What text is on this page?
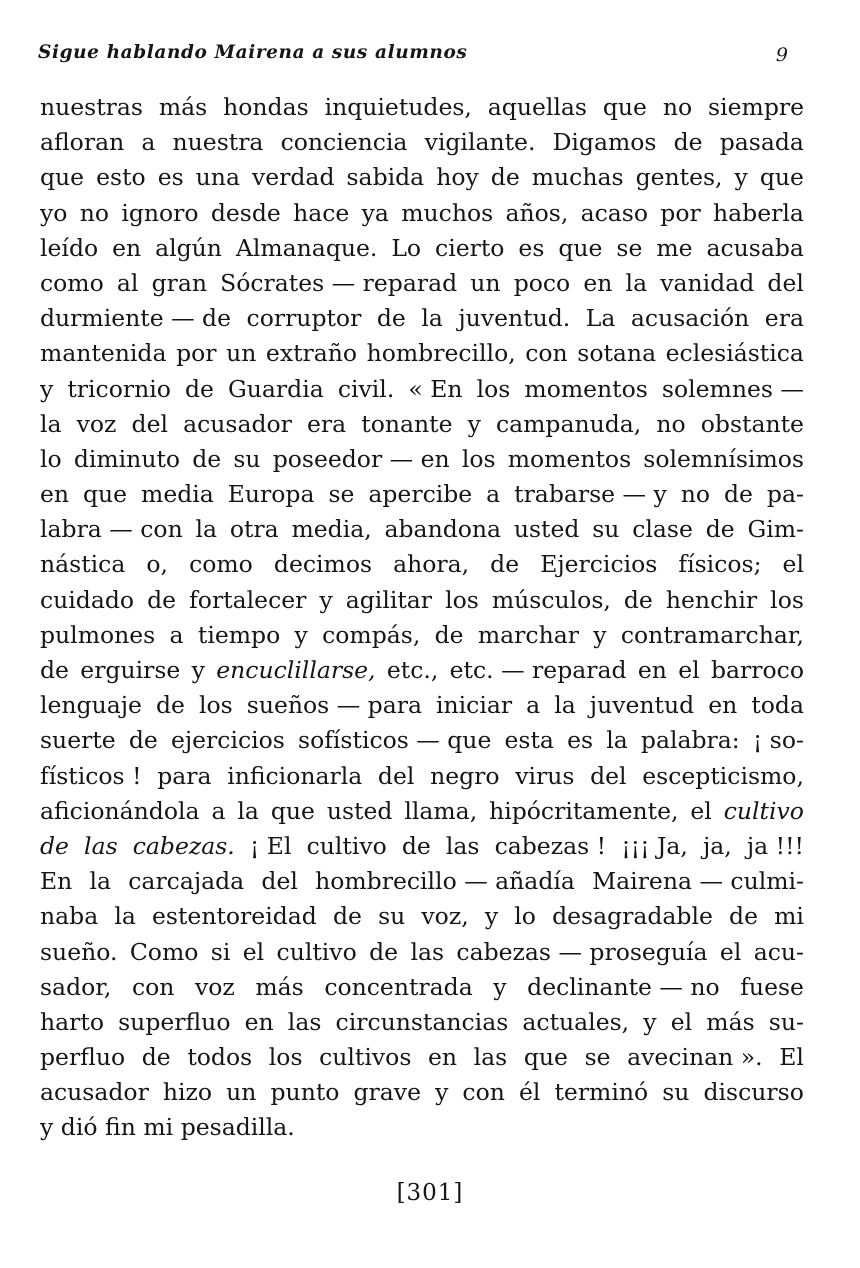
Sigue hablando Mairena a sus alumnos	9
nuestras más hondas inquietudes, aquellas que no siempre
afloran a nuestra conciencia vigilante. Digamos de pasada
que esto es una verdad sabida hoy de muchas gentes, y que
yo no ignoro desde hace ya muchos años, acaso por haberla
leído en algún Almanaque. Lo cierto es que se me acusaba
como al gran Sócrates — reparad un poco en la vanidad del
durmiente — de corruptor de la juventud. La acusación era
mantenida por un extraño hombrecillo, con sotana eclesiástica
y tricornio de Guardia civil. « En los momentos solemnes —
la voz del acusador era tonante y campanuda, no obstante
lo diminuto de su poseedor — en los momentos solemnísimos
en que media Europa se apercibe a trabarse — y no de pa-
labra — con la otra media, abandona usted su clase de Gim-
nástica o, como decimos ahora, de Ejercicios físicos; el
cuidado de fortalecer y agilitar los músculos, de henchir los
pulmones a tiempo y compás, de marchar y contramarchar,
de erguirse y encuclillarse, etc., etc. — reparad en el barroco
lenguaje de los sueños — para iniciar a la juventud en toda
suerte de ejercicios sofísticos — que esta es la palabra: ¡ so-
físticos ! para inficionarla del negro virus del escepticismo,
aficionándola a la que usted llama, hipócritamente, el cultivo
de las cabezas. ¡ El cultivo de las cabezas ! ¡¡¡ Ja, ja, ja !!!
En la carcajada del hombrecillo — añadía Mairena — culmi-
naba la estentoreidad de su voz, y lo desagradable de mi
sueño. Como si el cultivo de las cabezas — proseguía el acu-
sador, con voz más concentrada y declinante — no fuese
harto superfluo en las circunstancias actuales, y el más su-
perfluo de todos los cultivos en las que se avecinan ». El
acusador hizo un punto grave y con él terminó su discurso
y dió fin mi pesadilla.
[301]
